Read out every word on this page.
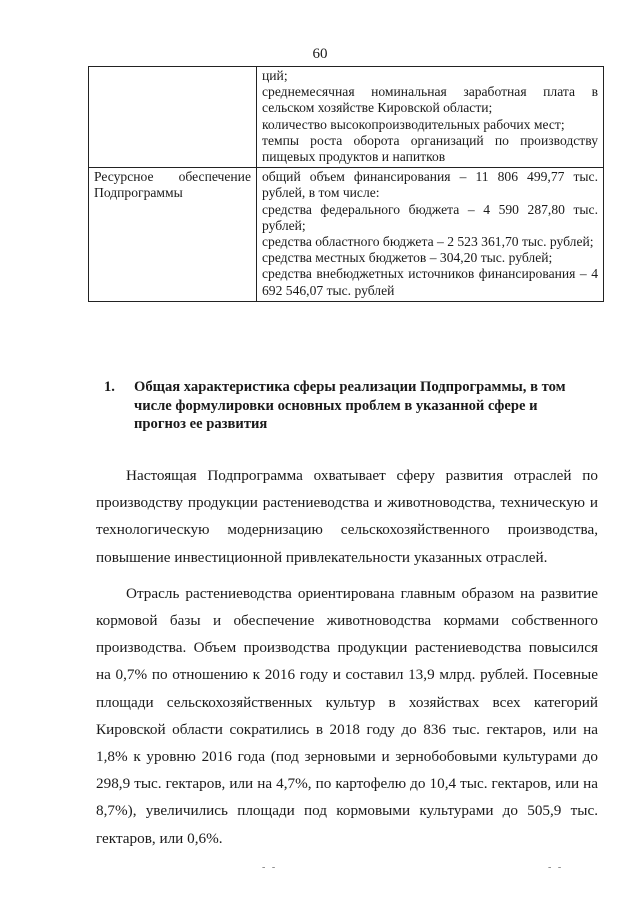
60

	ций;
среднемесячная номинальная заработная плата в сельском хозяйстве Кировской области;
количество высокопроизводительных рабочих мест;
темпы роста оборота организаций по производству пищевых продуктов и напитков

Ресурсное обеспечение Подпрограммы	общий объем финансирования – 11 806 499,77 тыс. рублей, в том числе:
средства федерального бюджета – 4 590 287,80 тыс. рублей;
средства областного бюджета – 2 523 361,70 тыс. рублей;
средства местных бюджетов – 304,20 тыс. рублей;
средства внебюджетных источников финансирования – 4 692 546,07 тыс. рублей
1. Общая характеристика сферы реализации Подпрограммы, в том числе формулировки основных проблем в указанной сфере и прогноз ее развития

Настоящая Подпрограмма охватывает сферу развития отраслей по производству продукции растениеводства и животноводства, техническую и технологическую модернизацию сельскохозяйственного производства, повышение инвестиционной привлекательности указанных отраслей.

Отрасль растениеводства ориентирована главным образом на развитие кормовой базы и обеспечение животноводства кормами собственного производства. Объем производства продукции растениеводства повысился на 0,7% по отношению к 2016 году и составил 13,9 млрд. рублей. Посевные площади сельскохозяйственных культур в хозяйствах всех категорий Кировской области сократились в 2018 году до 836 тыс. гектаров, или на 1,8% к уровню 2016 года (под зерновыми и зернобобовыми культурами до 298,9 тыс. гектаров, или на 4,7%, по картофелю до 10,4 тыс. гектаров, или на 8,7%), увеличились площади под кормовыми культурами до 505,9 тыс. гектаров, или 0,6%.

- -	- -
